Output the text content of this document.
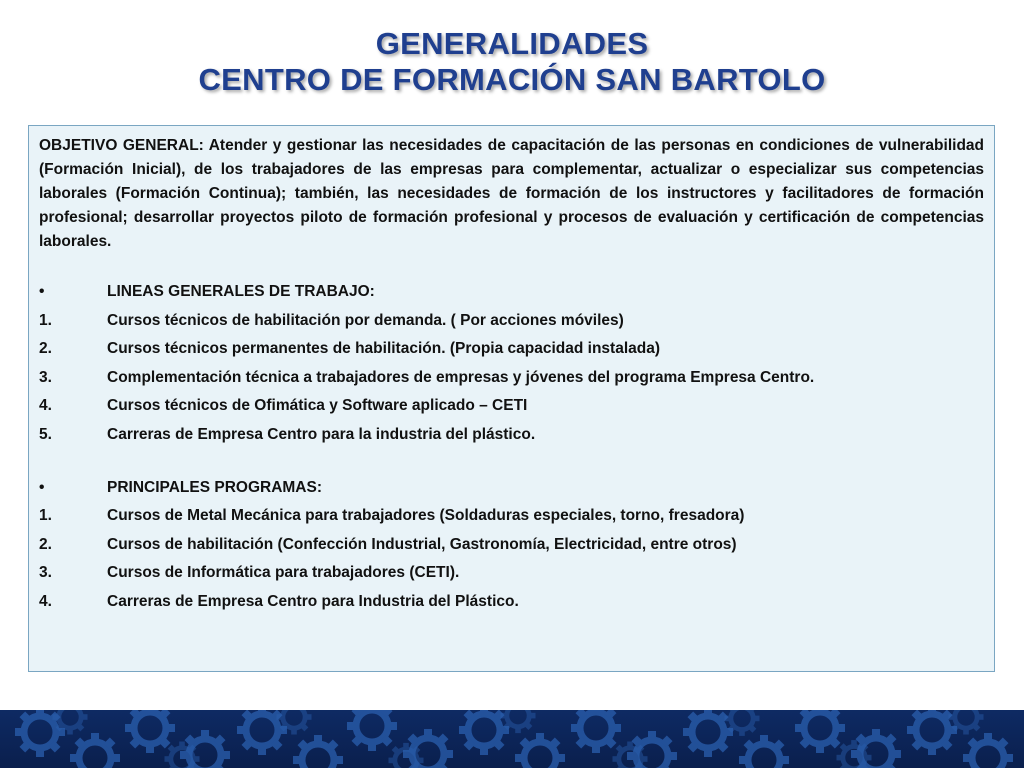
GENERALIDADES
CENTRO DE FORMACIÓN SAN BARTOLO

OBJETIVO GENERAL: Atender y gestionar las necesidades de capacitación de las personas en condiciones de vulnerabilidad (Formación Inicial), de los trabajadores de las empresas para complementar, actualizar o especializar sus competencias laborales (Formación Continua); también, las necesidades de formación de los instructores y facilitadores de formación profesional; desarrollar proyectos piloto de formación profesional y procesos de evaluación y certificación de competencias laborales.

•	LINEAS GENERALES DE TRABAJO:
1.	Cursos técnicos de habilitación por demanda. ( Por acciones móviles)
2.	Cursos técnicos permanentes de habilitación. (Propia capacidad instalada)
3.	Complementación técnica a trabajadores de empresas y jóvenes del programa Empresa Centro.
4.	Cursos técnicos de Ofimática y Software aplicado – CETI
5.	Carreras de Empresa Centro para la industria del plástico.
•	PRINCIPALES PROGRAMAS:
1.	Cursos de Metal Mecánica para trabajadores (Soldaduras especiales, torno, fresadora)
2.	Cursos de habilitación (Confección Industrial, Gastronomía, Electricidad, entre otros)
3.	Cursos de Informática para trabajadores (CETI).
4.	Carreras de Empresa Centro para Industria del Plástico.
